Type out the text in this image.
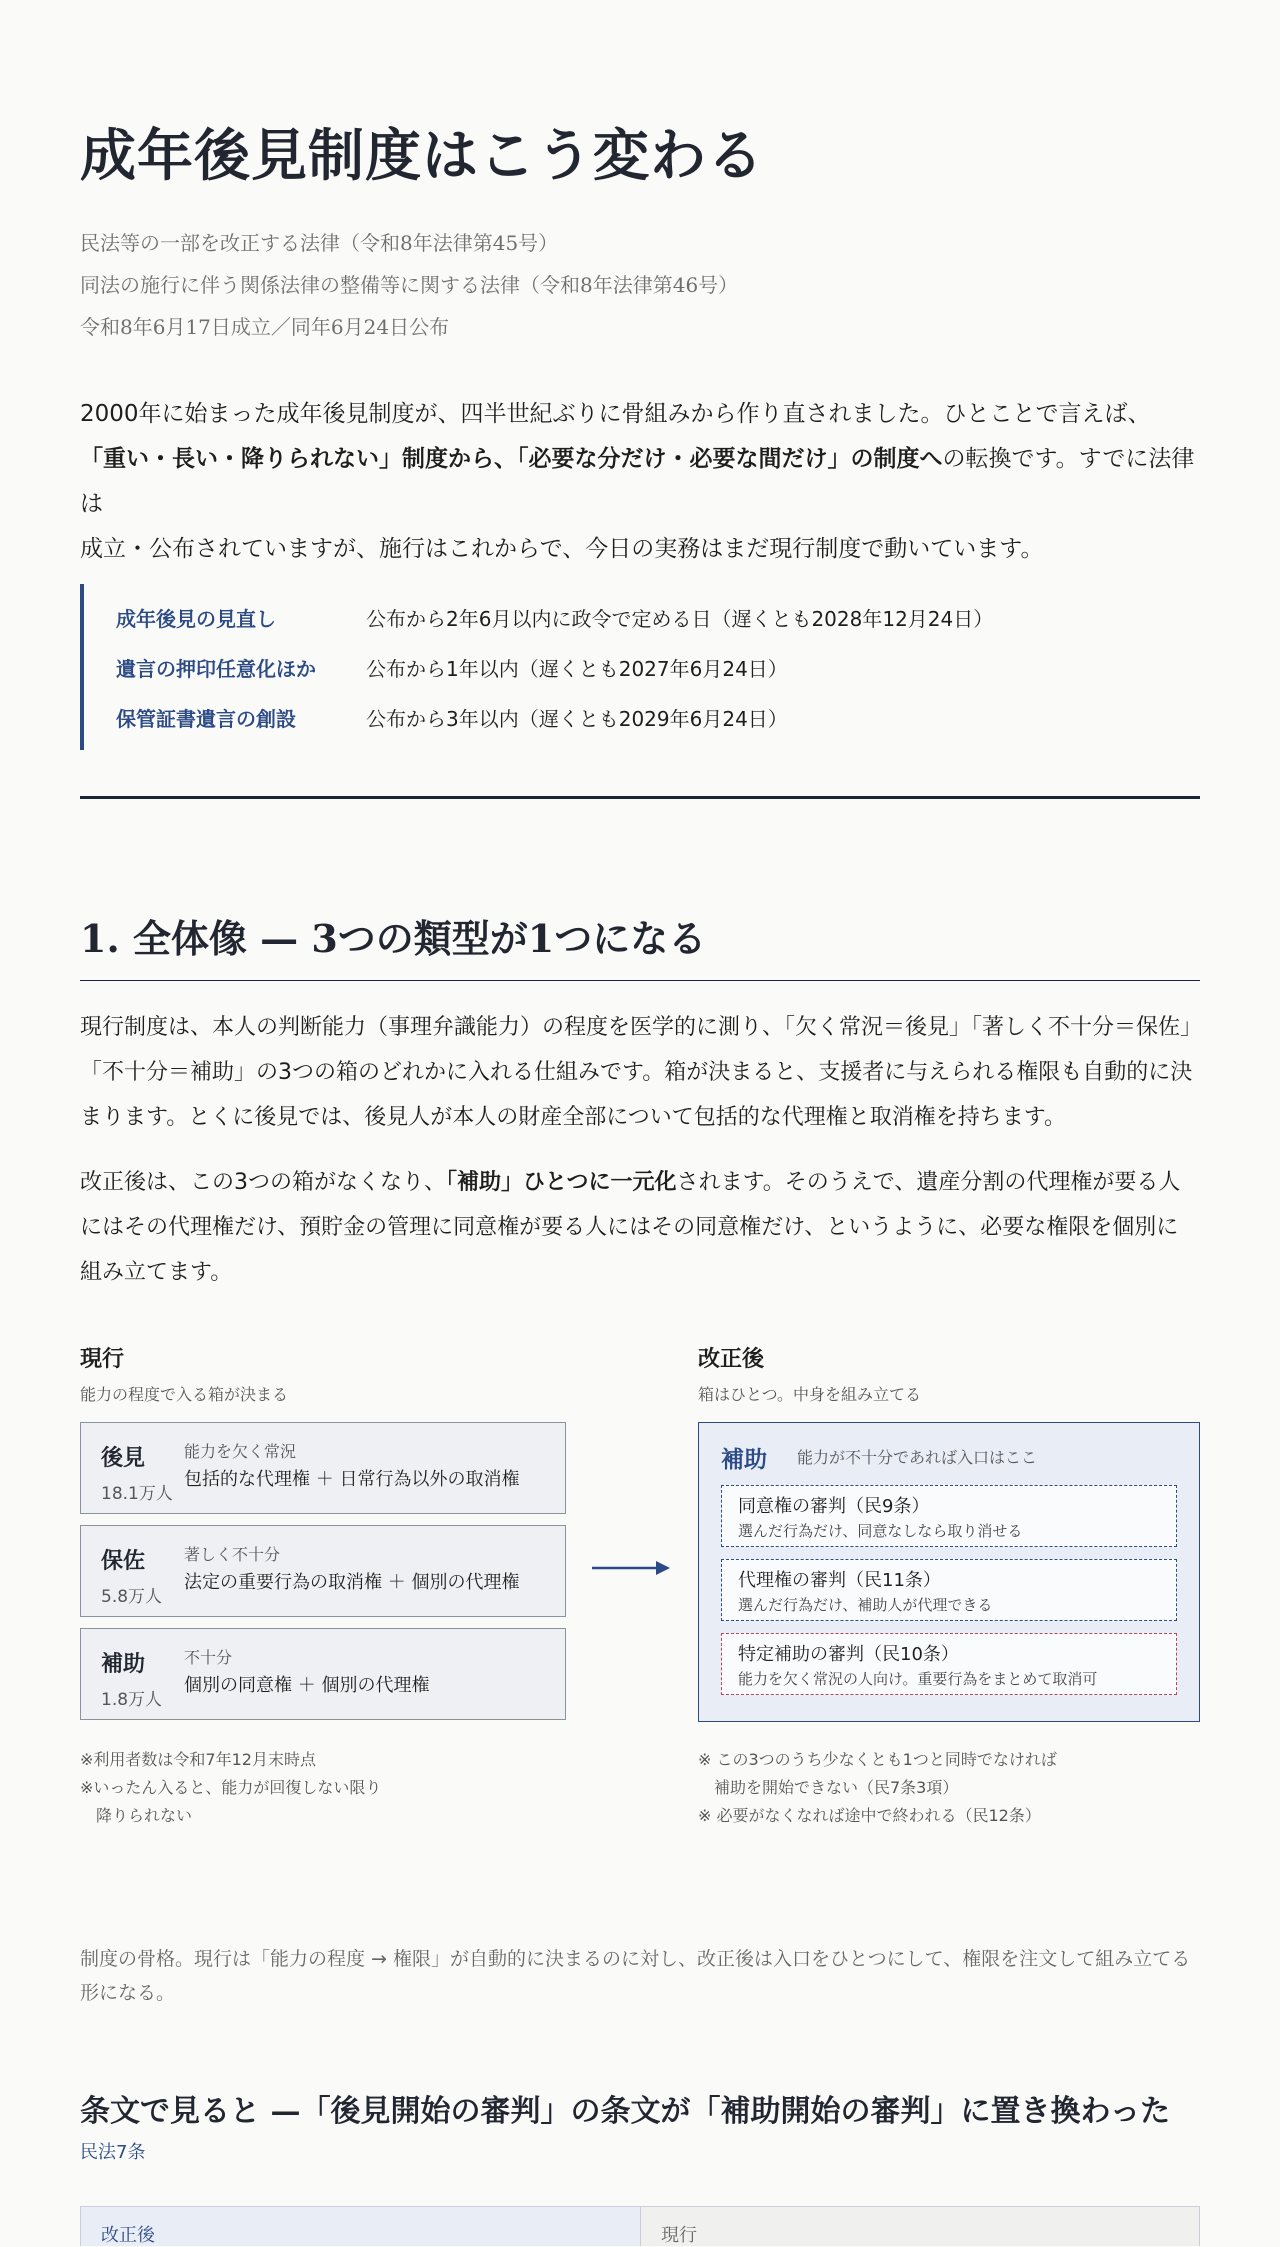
成年後見制度はこう変わる
民法等の一部を改正する法律（令和8年法律第45号）
同法の施行に伴う関係法律の整備等に関する法律（令和8年法律第46号）
令和8年6月17日成立／同年6月24日公布
2000年に始まった成年後見制度が、四半世紀ぶりに骨組みから作り直されました。ひとことで言えば、
「重い・長い・降りられない」制度から、「必要な分だけ・必要な間だけ」の制度への転換です。すでに法律は
成立・公布されていますが、施行はこれからで、今日の実務はまだ現行制度で動いています。
成年後見の見直し	公布から2年6月以内に政令で定める日（遅くとも2028年12月24日）
遺言の押印任意化ほか	公布から1年以内（遅くとも2027年6月24日）
保管証書遺言の創設	公布から3年以内（遅くとも2029年6月24日）
1. 全体像 — 3つの類型が1つになる
現行制度は、本人の判断能力（事理弁識能力）の程度を医学的に測り、「欠く常況＝後見」「著しく不十分＝保佐」「不十分＝補助」の3つの箱のどれかに入れる仕組みです。箱が決まると、支援者に与えられる権限も自動的に決まります。とくに後見では、後見人が本人の財産全部について包括的な代理権と取消権を持ちます。
改正後は、この3つの箱がなくなり、「補助」ひとつに一元化されます。そのうえで、遺産分割の代理権が要る人にはその代理権だけ、預貯金の管理に同意権が要る人にはその同意権だけ、というように、必要な権限を個別に組み立てます。
現行
能力の程度で入る箱が決まる
後見
18.1万人
能力を欠く常況
包括的な代理権 ＋ 日常行為以外の取消権
保佐
5.8万人
著しく不十分
法定の重要行為の取消権 ＋ 個別の代理権
補助
1.8万人
不十分
個別の同意権 ＋ 個別の代理権
※利用者数は令和7年12月末時点
※いったん入ると、能力が回復しない限り
　降りられない
改正後
箱はひとつ。中身を組み立てる
補助 能力が不十分であれば入口はここ
同意権の審判（民9条）
選んだ行為だけ、同意なしなら取り消せる
代理権の審判（民11条）
選んだ行為だけ、補助人が代理できる
特定補助の審判（民10条）
能力を欠く常況の人向け。重要行為をまとめて取消可
※ この3つのうち少なくとも1つと同時でなければ
　補助を開始できない（民7条3項）
※ 必要がなくなれば途中で終われる（民12条）
制度の骨格。現行は「能力の程度 → 権限」が自動的に決まるのに対し、改正後は入口をひとつにして、権限を注文して組み立てる形になる。
条文で見ると —「後見開始の審判」の条文が「補助開始の審判」に置き換わった
民法7条
改正後	現行
